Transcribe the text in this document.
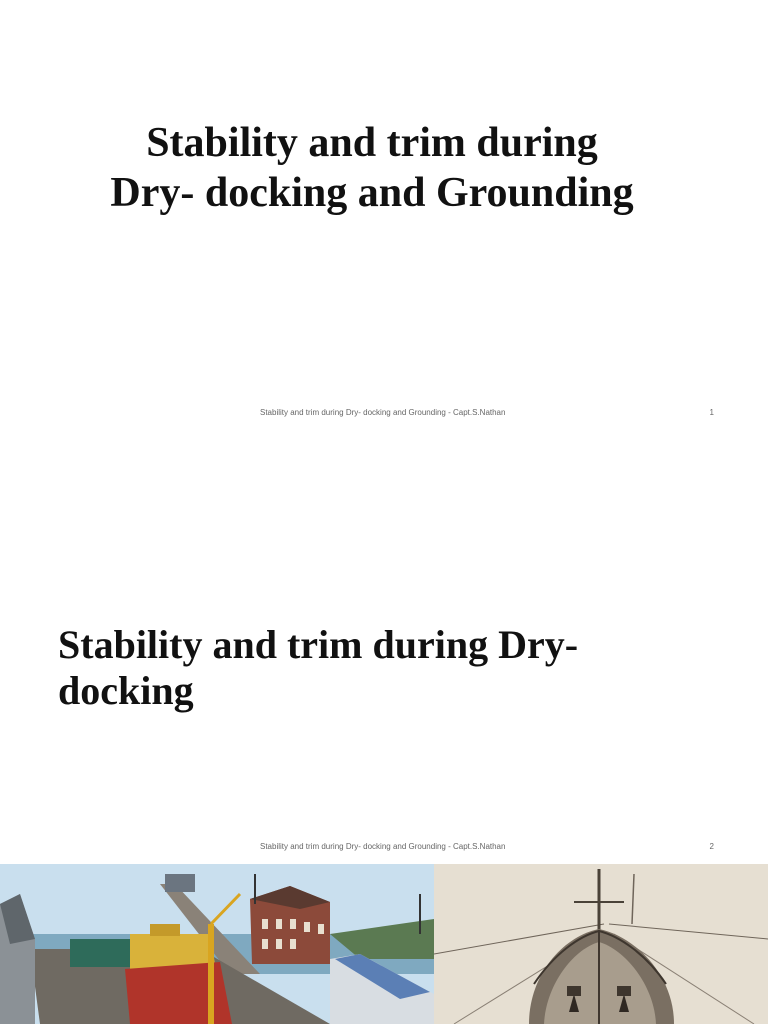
Stability and trim during Dry- docking and Grounding
Stability and trim during Dry- docking and Grounding - Capt.S.Nathan	1
Stability and trim during Dry-docking
Stability and trim during Dry- docking and Grounding - Capt.S.Nathan	2
